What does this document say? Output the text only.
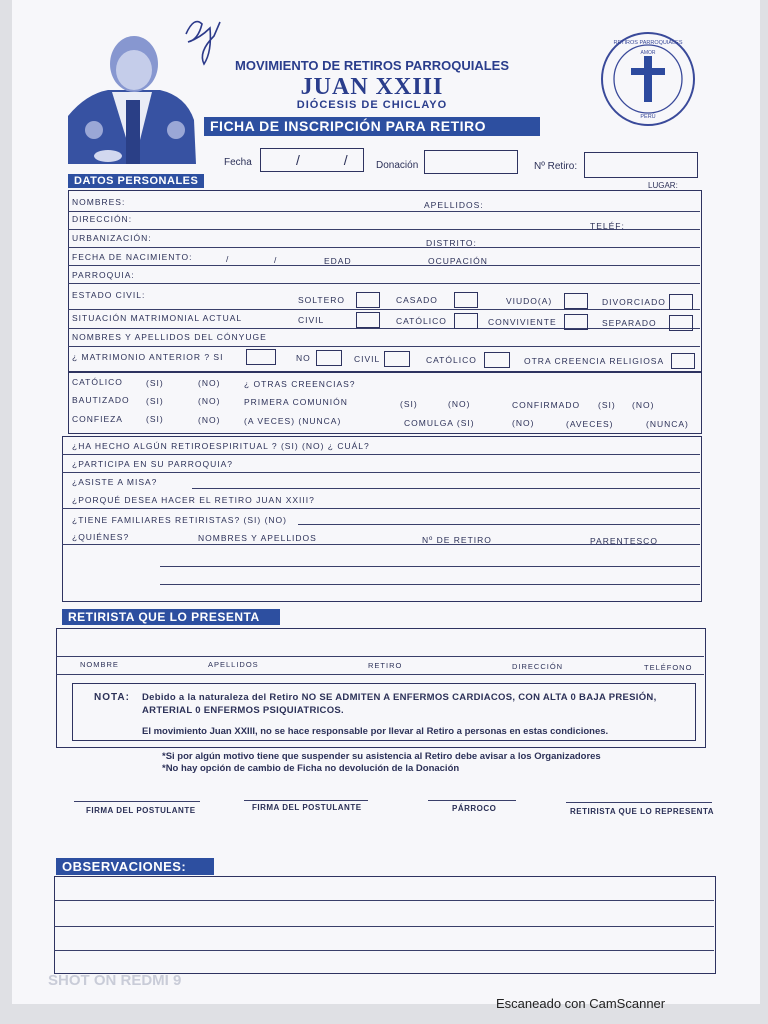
MOVIMIENTO DE RETIROS PARROQUIALES
JUAN XXIII
DIÓCESIS DE CHICLAYO
FICHA DE INSCRIPCIÓN PARA RETIRO
RETIROS PARROQUIALES
AMOR
PERÚ
Fecha	/ / Donación	Nº Retiro:
LUGAR:
DATOS PERSONALES
NOMBRES:	APELLIDOS:
DIRECCIÓN:
TELÉF:
URBANIZACIÓN:	DISTRITO:
FECHA DE NACIMIENTO:	/	/	EDAD	OCUPACIÓN
PARROQUIA:
ESTADO CIVIL:	SOLTERO	CASADO	VIUDO(A)	DIVORCIADO
SITUACIÓN MATRIMONIAL ACTUAL	CIVIL	CATÓLICO	CONVIVIENTE	SEPARADO
NOMBRES Y APELLIDOS DEL CÓNYUGE
¿ MATRIMONIO ANTERIOR ? SI	NO	CIVIL	CATÓLICO	OTRA CREENCIA RELIGIOSA
CATÓLICO	(SI)	(NO)	¿ OTRAS CREENCIAS?
BAUTIZADO (SI)	(NO)	PRIMERA COMUNIÓN	(SI)	(NO)	CONFIRMADO (SI) (NO)
CONFIEZA	(SI)	(NO)	(A VECES) (NUNCA)	COMULGA (SI)	(NO)	(AVECES)	(NUNCA)
¿HA HECHO ALGÚN RETIROESPIRITUAL ? (SI) (NO) ¿ CUÁL?
¿PARTICIPA EN SU PARROQUIA?
¿ASISTE A MISA?
¿PORQUÉ DESEA HACER EL RETIRO JUAN XXIII?
¿TIENE FAMILIARES RETIRISTAS? (SI) (NO)
¿QUIÉNES?	NOMBRES Y APELLIDOS	Nº DE RETIRO	PARENTESCO
RETIRISTA QUE LO PRESENTA
NOMBRE	APELLIDOS	RETIRO	DIRECCIÓN	TELÉFONO
NOTA: Debido a la naturaleza del Retiro NO SE ADMITEN A ENFERMOS CARDIACOS, CON ALTA 0 BAJA PRESIÓN,
ARTERIAL 0 ENFERMOS PSIQUIATRICOS.
El movimiento Juan XXIII, no se hace responsable por llevar al Retiro a personas en estas condiciones.
*Si por algún motivo tiene que suspender su asistencia al Retiro debe avisar a los Organizadores
*No hay opción de cambio de Ficha no devolución de la Donación
FIRMA DEL POSTULANTE	FIRMA DEL POSTULANTE	PÁRROCO	RETIRISTA QUE LO REPRESENTA
OBSERVACIONES:
SHOT ON REDMI 9
Escaneado con CamScanner
